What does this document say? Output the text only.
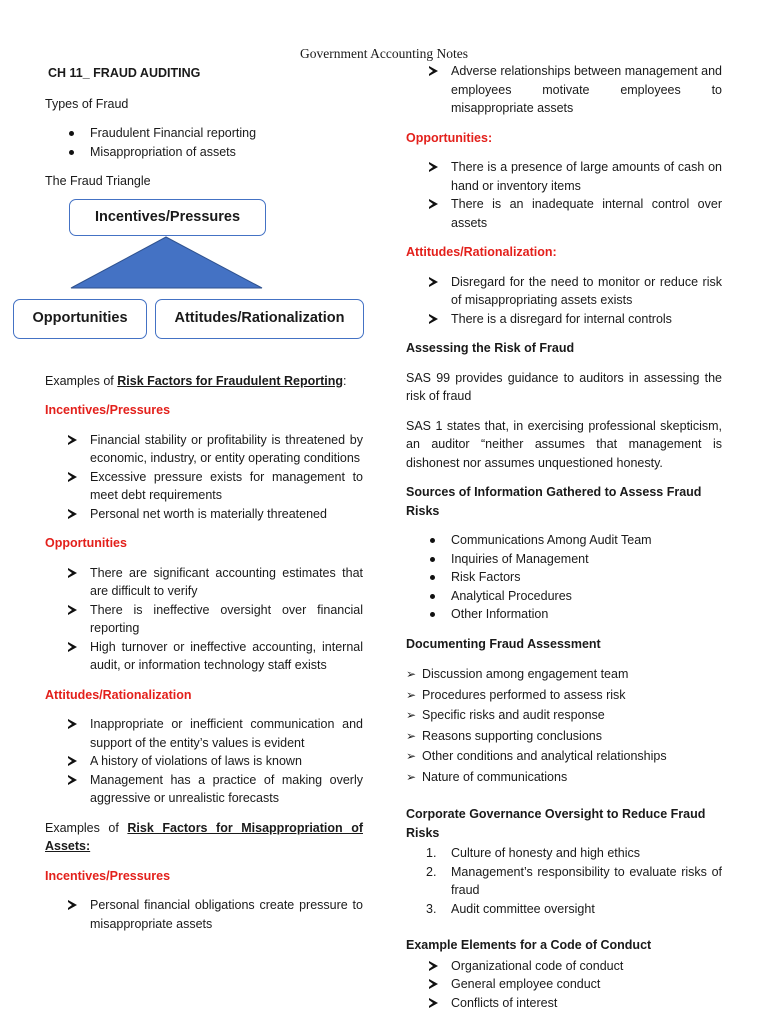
Government Accounting Notes

CH 11_ FRAUD AUDITING

Types of Fraud

Fraudulent Financial reporting
Misappropriation of assets

The Fraud Triangle

Incentives/Pressures
Opportunities	Attitudes/Rationalization

Examples of Risk Factors for Fraudulent Reporting:

Incentives/Pressures

Financial stability or profitability is threatened by economic, industry, or entity operating conditions
Excessive pressure exists for management to meet debt requirements
Personal net worth is materially threatened

Opportunities

There are significant accounting estimates that are difficult to verify
There is ineffective oversight over financial reporting
High turnover or ineffective accounting, internal audit, or information technology staff exists

Attitudes/Rationalization

Inappropriate or inefficient communication and support of the entity’s values is evident
A history of violations of laws is known
Management has a practice of making overly aggressive or unrealistic forecasts

Examples of Risk Factors for Misappropriation of Assets:

Incentives/Pressures

Personal financial obligations create pressure to misappropriate assets
Adverse relationships between management and employees motivate employees to misappropriate assets

Opportunities:

There is a presence of large amounts of cash on hand or inventory items
There is an inadequate internal control over assets

Attitudes/Rationalization:

Disregard for the need to monitor or reduce risk of misappropriating assets exists
There is a disregard for internal controls

Assessing the Risk of Fraud

SAS 99 provides guidance to auditors in assessing the risk of fraud

SAS 1 states that, in exercising professional skepticism, an auditor “neither assumes that management is dishonest nor assumes unquestioned honesty.

Sources of Information Gathered to Assess Fraud Risks

Communications Among Audit Team
Inquiries of Management
Risk Factors
Analytical Procedures
Other Information

Documenting Fraud Assessment

➢ Discussion among engagement team
➢ Procedures performed to assess risk
➢ Specific risks and audit response
➢ Reasons supporting conclusions
➢ Other conditions and analytical relationships
➢ Nature of communications

Corporate Governance Oversight to Reduce Fraud Risks

1. Culture of honesty and high ethics
2. Management’s responsibility to evaluate risks of fraud
3. Audit committee oversight

Example Elements for a Code of Conduct

Organizational code of conduct
General employee conduct
Conflicts of interest
